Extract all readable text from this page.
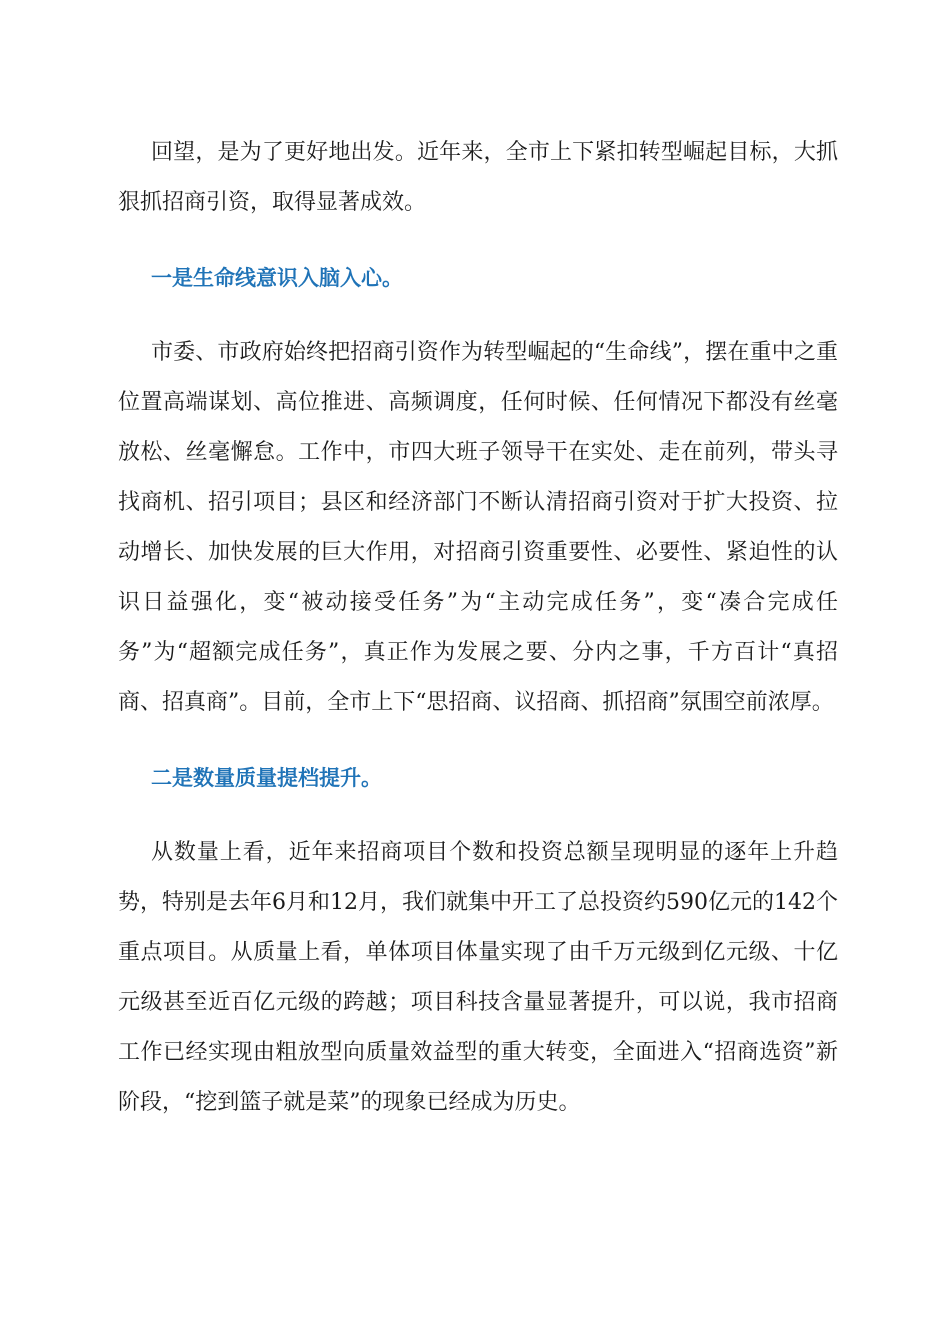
回望，是为了更好地出发。近年来，全市上下紧扣转型崛起目标，大抓狠抓招商引资，取得显著成效。

一是生命线意识入脑入心。

市委、市政府始终把招商引资作为转型崛起的“生命线”，摆在重中之重位置高端谋划、高位推进、高频调度，任何时候、任何情况下都没有丝毫放松、丝毫懈怠。工作中，市四大班子领导干在实处、走在前列，带头寻找商机、招引项目；县区和经济部门不断认清招商引资对于扩大投资、拉动增长、加快发展的巨大作用，对招商引资重要性、必要性、紧迫性的认识日益强化，变“被动接受任务”为“主动完成任务”，变“凑合完成任务”为“超额完成任务”，真正作为发展之要、分内之事，千方百计“真招商、招真商”。目前，全市上下“思招商、议招商、抓招商”氛围空前浓厚。

二是数量质量提档提升。

从数量上看，近年来招商项目个数和投资总额呈现明显的逐年上升趋势，特别是去年6月和12月，我们就集中开工了总投资约590亿元的142个重点项目。从质量上看，单体项目体量实现了由千万元级到亿元级、十亿元级甚至近百亿元级的跨越；项目科技含量显著提升，可以说，我市招商工作已经实现由粗放型向质量效益型的重大转变，全面进入“招商选资”新阶段，“挖到篮子就是菜”的现象已经成为历史。
